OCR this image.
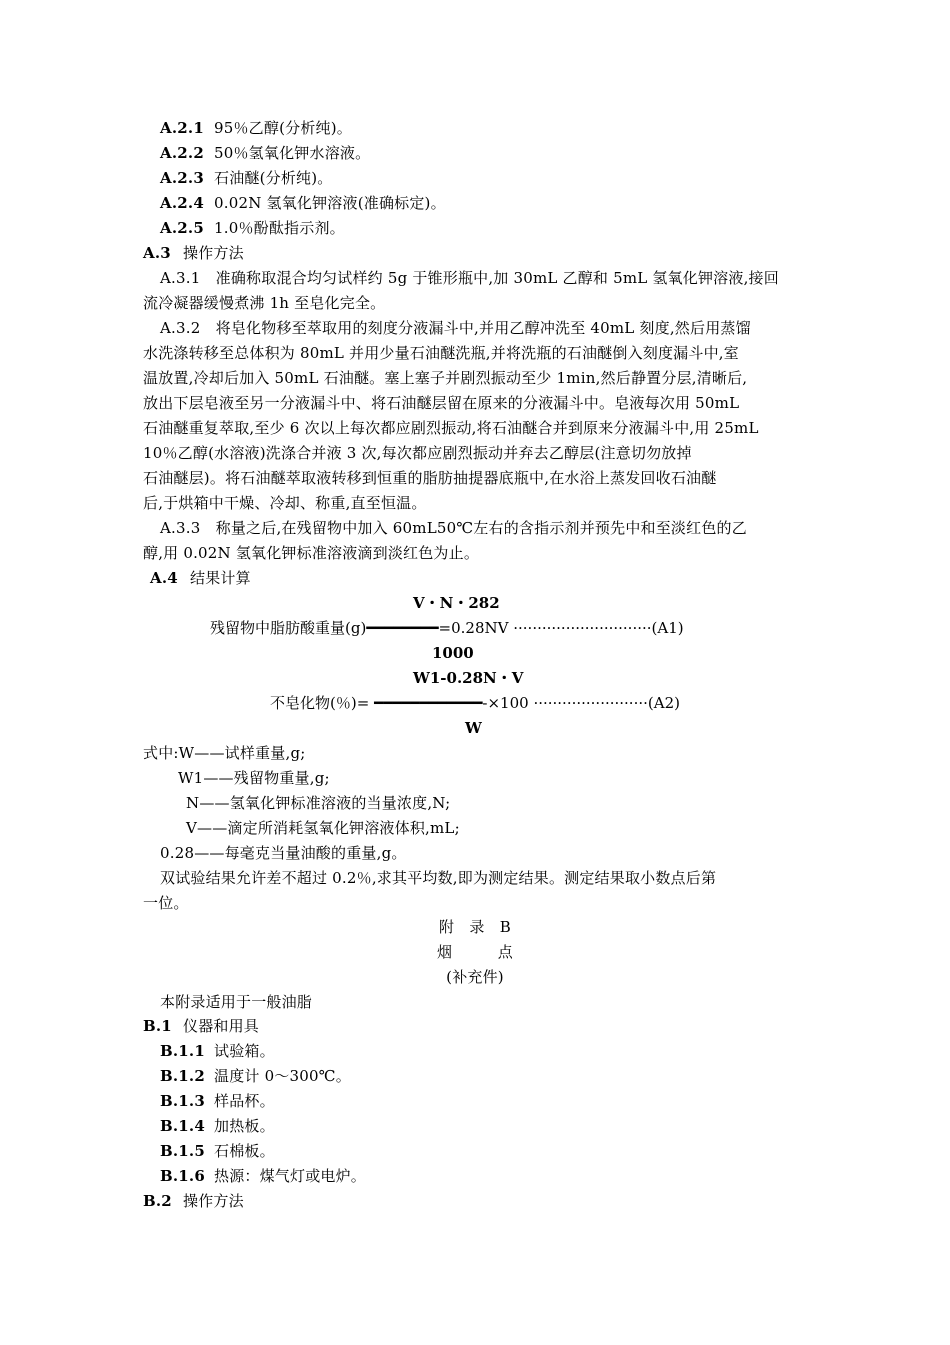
A.2.1 95％乙醇(分析纯)。
A.2.2 50％氢氧化钾水溶液。
A.2.3 石油醚(分析纯)。
A.2.4 0.02N 氢氧化钾溶液(准确标定)。
A.2.5 1.0％酚酞指示剂。
A.3 操作方法
A.3.1　准确称取混合均匀试样约 5g 于锥形瓶中,加 30mL 乙醇和 5mL 氢氧化钾溶液,接回
流冷凝器缓慢煮沸 1h 至皂化完全。
A.3.2　将皂化物移至萃取用的刻度分液漏斗中,并用乙醇冲洗至 40mL 刻度,然后用蒸馏
水洗涤转移至总体积为 80mL 并用少量石油醚洗瓶,并将洗瓶的石油醚倒入刻度漏斗中,室
温放置,冷却后加入 50mL 石油醚。塞上塞子并剧烈振动至少 1min,然后静置分层,清晰后,
放出下层皂液至另一分液漏斗中、将石油醚层留在原来的分液漏斗中。皂液每次用 50mL
石油醚重复萃取,至少 6 次以上每次都应剧烈振动,将石油醚合并到原来分液漏斗中,用 25mL
10％乙醇(水溶液)洗涤合并液 3 次,每次都应剧烈振动并弃去乙醇层(注意切勿放掉
石油醚层)。将石油醚萃取液转移到恒重的脂肪抽提器底瓶中,在水浴上蒸发回收石油醚
后,于烘箱中干燥、冷却、称重,直至恒温。
A.3.3　称量之后,在残留物中加入 60mL50℃左右的含指示剂并预先中和至淡红色的乙
醇,用 0.02N 氢氧化钾标准溶液滴到淡红色为止。
A.4 结果计算
V・N・282
残留物中脂肪酸重量(g)━━━━━━━━=0.28NV ·····························(A1)
1000
W1-0.28N・V
不皂化物(％)= ━━━━━━━━━━━━-×100 ························(A2)
W
式中:W——试样重量,g;
W1——残留物重量,g;
N——氢氧化钾标准溶液的当量浓度,N;
V——滴定所消耗氢氧化钾溶液体积,mL;
0.28——每毫克当量油酸的重量,g。
双试验结果允许差不超过 0.2％,求其平均数,即为测定结果。测定结果取小数点后第
一位。
附　录　B
烟　　　点
(补充件)
本附录适用于一般油脂
B.1 仪器和用具
B.1.1 试验箱。
B.1.2 温度计 0～300℃。
B.1.3 样品杯。
B.1.4 加热板。
B.1.5 石棉板。
B.1.6 热源：煤气灯或电炉。
B.2 操作方法
